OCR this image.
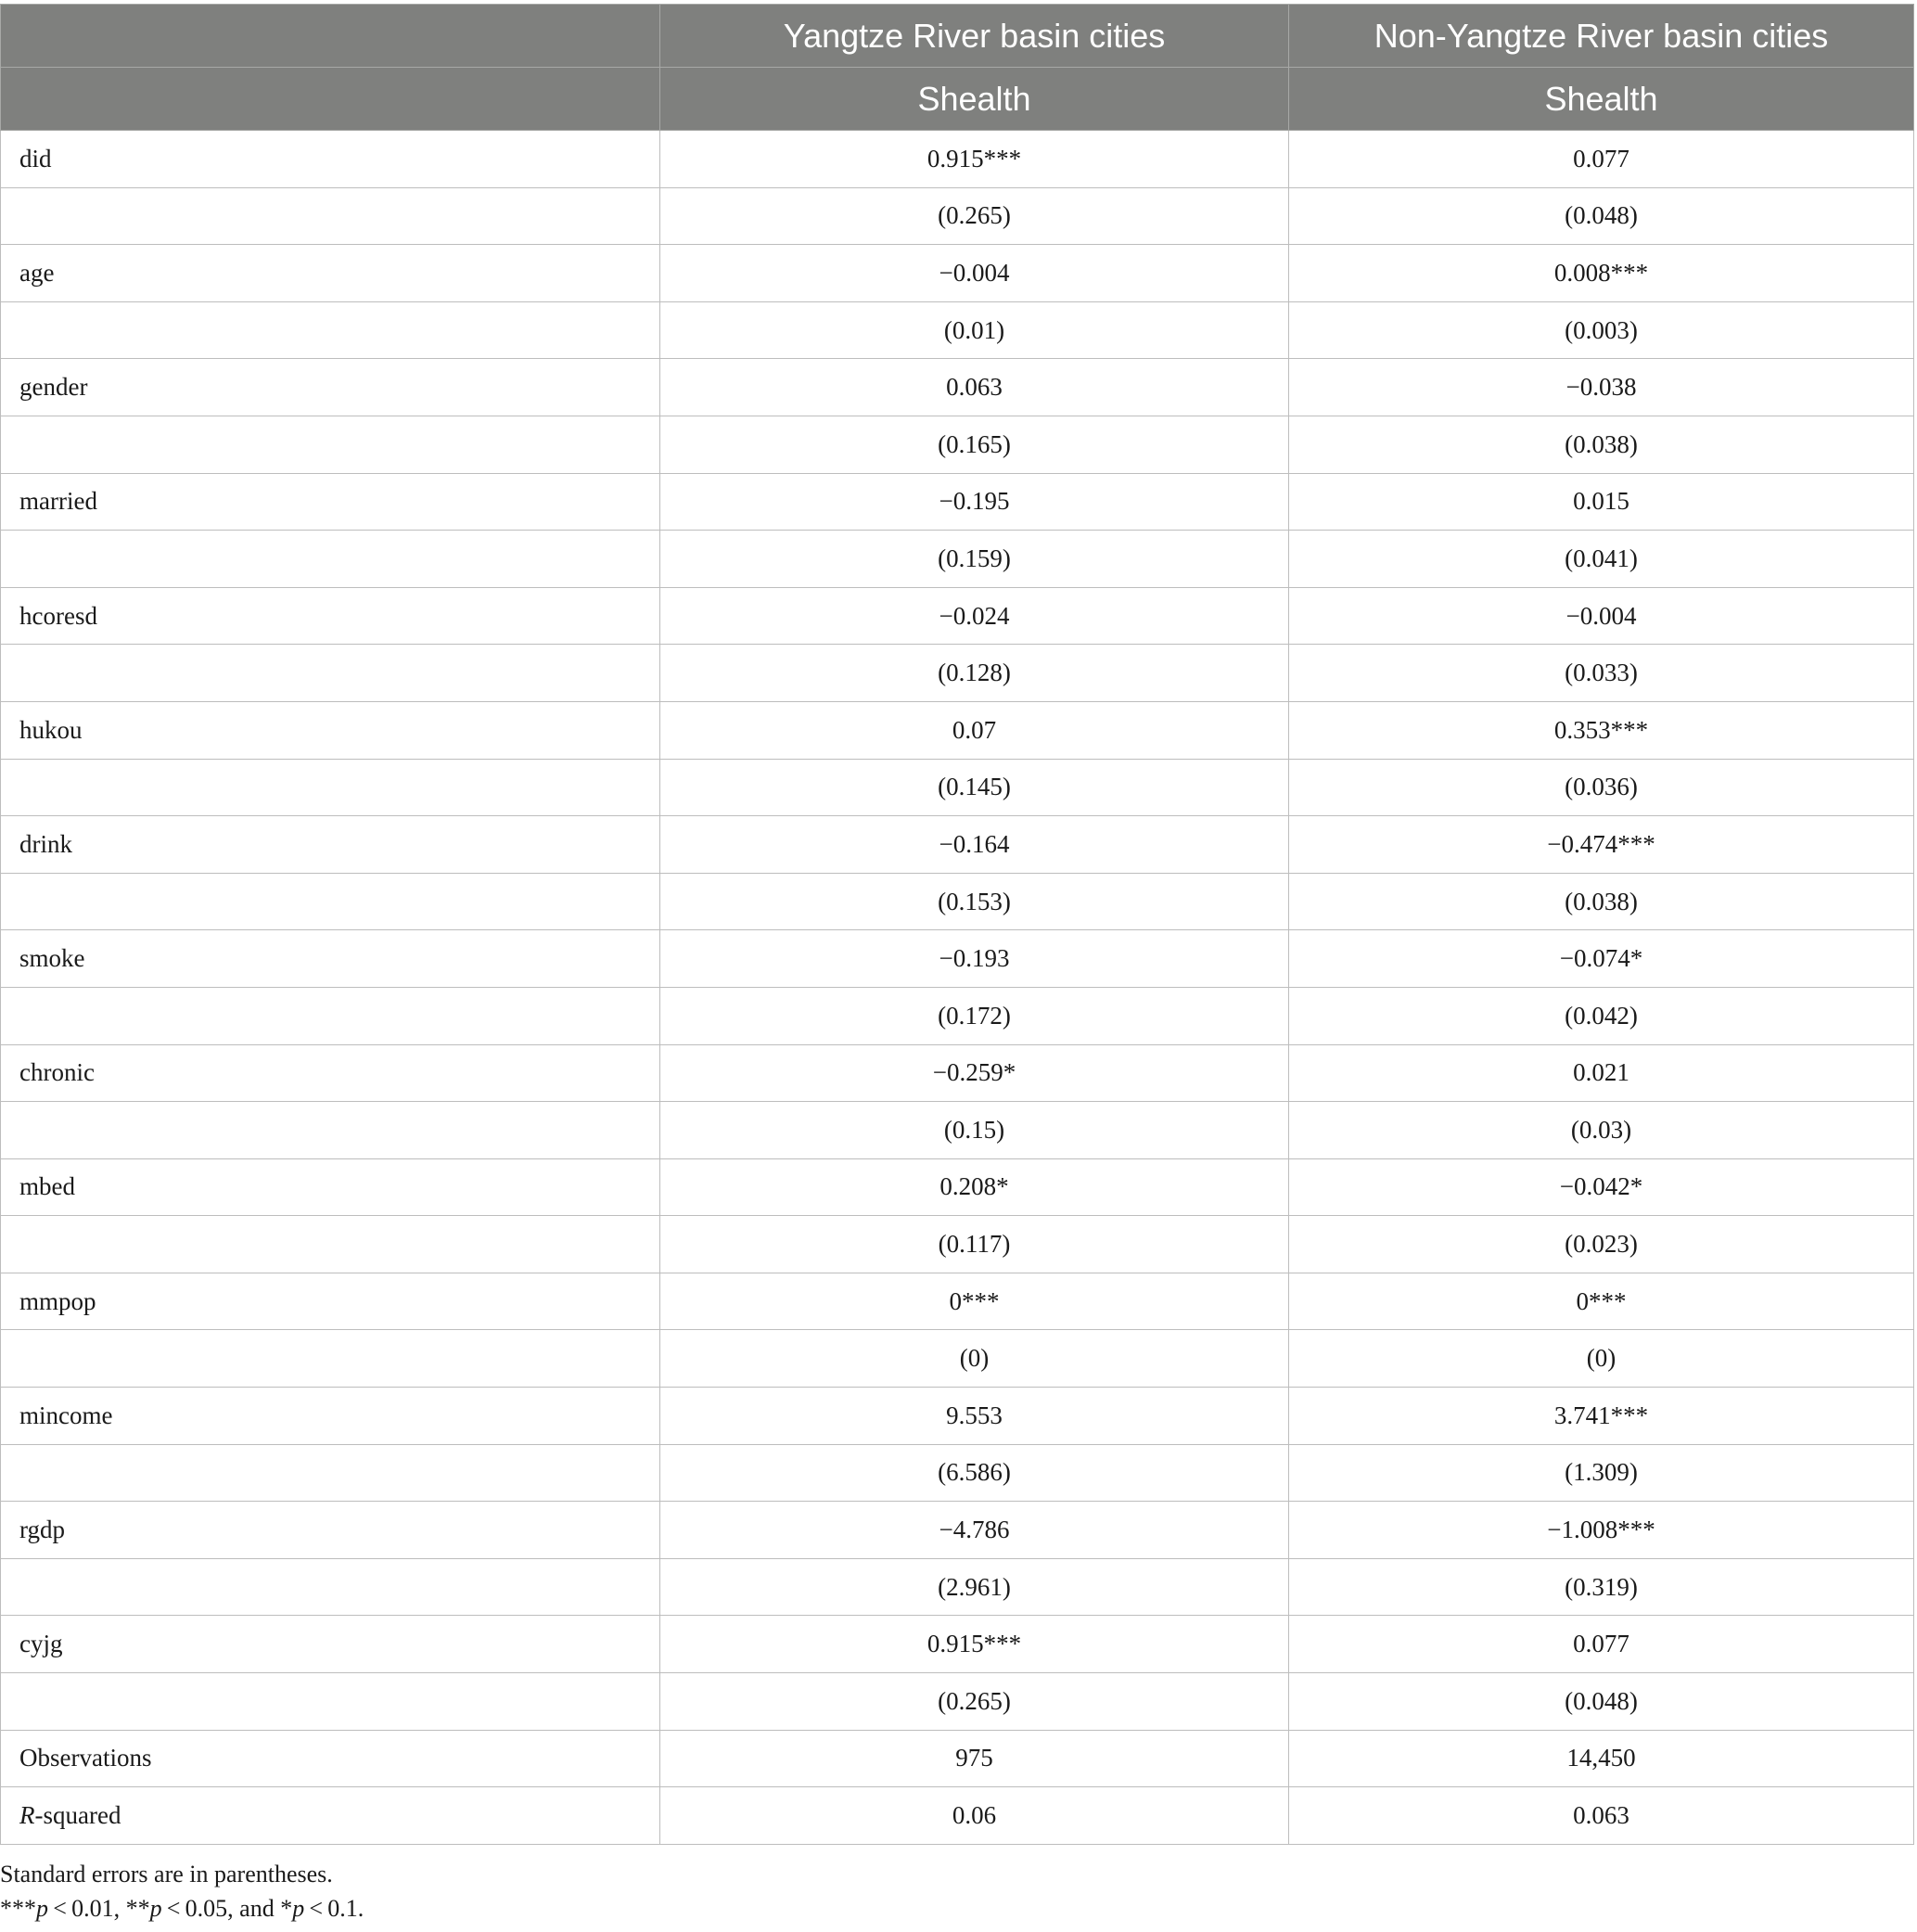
	Yangtze River basin cities	Non-Yangtze River basin cities
	Shealth	Shealth
did	0.915***	0.077
	(0.265)	(0.048)
age	−0.004	0.008***
	(0.01)	(0.003)
gender	0.063	−0.038
	(0.165)	(0.038)
married	−0.195	0.015
	(0.159)	(0.041)
hcoresd	−0.024	−0.004
	(0.128)	(0.033)
hukou	0.07	0.353***
	(0.145)	(0.036)
drink	−0.164	−0.474***
	(0.153)	(0.038)
smoke	−0.193	−0.074*
	(0.172)	(0.042)
chronic	−0.259*	0.021
	(0.15)	(0.03)
mbed	0.208*	−0.042*
	(0.117)	(0.023)
mmpop	0***	0***
	(0)	(0)
mincome	9.553	3.741***
	(6.586)	(1.309)
rgdp	−4.786	−1.008***
	(2.961)	(0.319)
cyjg	0.915***	0.077
	(0.265)	(0.048)
Observations	975	14,450
R-squared	0.06	0.063

Standard errors are in parentheses.

***p < 0.01, **p < 0.05, and *p < 0.1.
